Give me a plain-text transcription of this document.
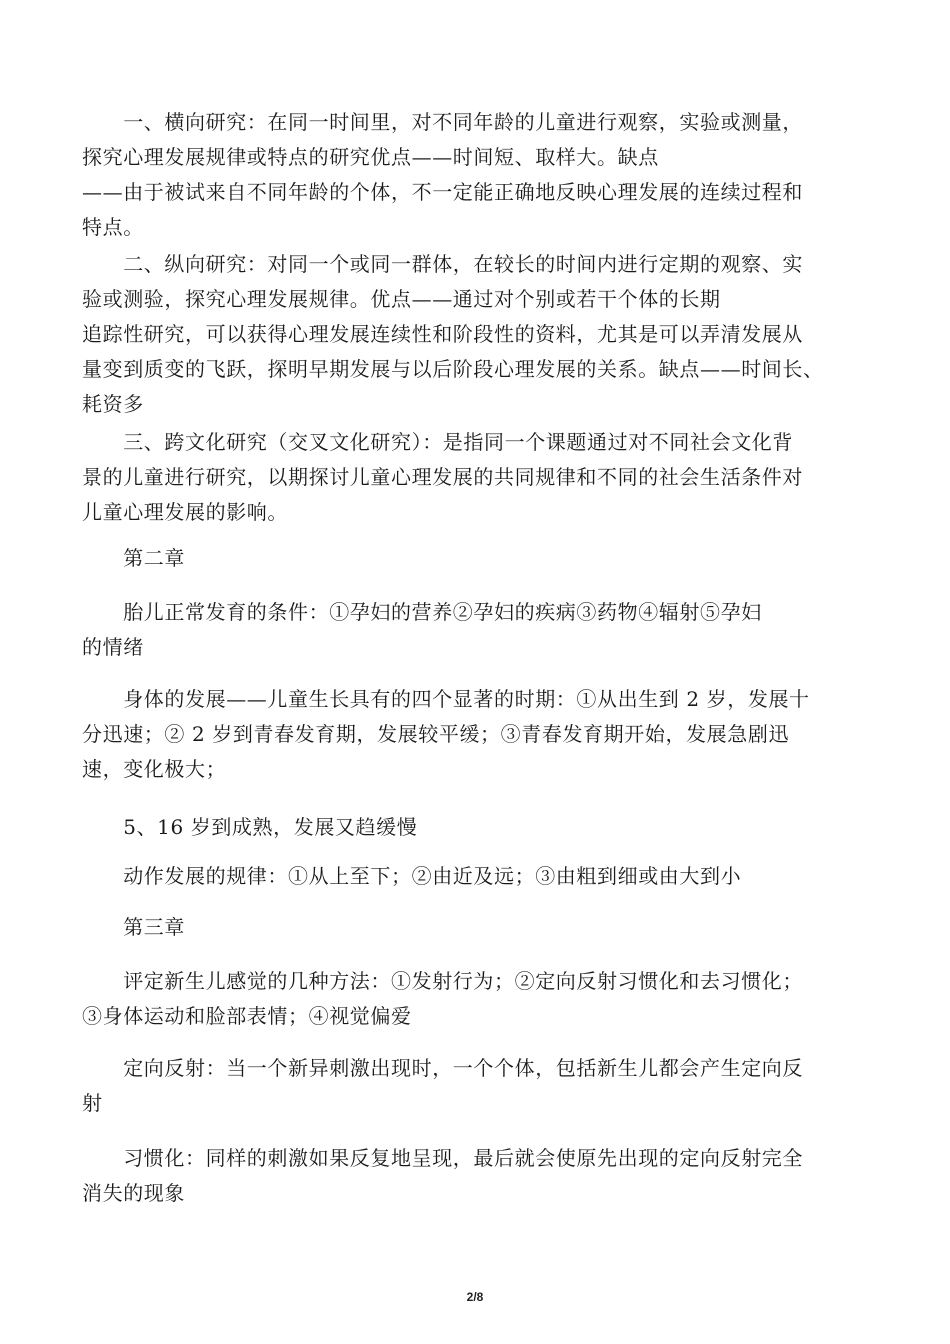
　　一、横向研究：在同一时间里，对不同年龄的儿童进行观察，实验或测量，
探究心理发展规律或特点的研究优点——时间短、取样大。缺点
——由于被试来自不同年龄的个体，不一定能正确地反映心理发展的连续过程和
特点。
　　二、纵向研究：对同一个或同一群体，在较长的时间内进行定期的观察、实
验或测验，探究心理发展规律。优点——通过对个别或若干个体的长期
追踪性研究，可以获得心理发展连续性和阶段性的资料，尤其是可以弄清发展从
量变到质变的飞跃，探明早期发展与以后阶段心理发展的关系。缺点——时间长、
耗资多
　　三、跨文化研究（交叉文化研究）：是指同一个课题通过对不同社会文化背
景的儿童进行研究，以期探讨儿童心理发展的共同规律和不同的社会生活条件对
儿童心理发展的影响。
　　第二章
　　胎儿正常发育的条件：①孕妇的营养②孕妇的疾病③药物④辐射⑤孕妇
的情绪
　　身体的发展——儿童生长具有的四个显著的时期：①从出生到 2 岁，发展十
分迅速；② 2 岁到青春发育期，发展较平缓；③青春发育期开始，发展急剧迅
速，变化极大；
　　5、16 岁到成熟，发展又趋缓慢
　　动作发展的规律：①从上至下；②由近及远；③由粗到细或由大到小
　　第三章
　　评定新生儿感觉的几种方法：①发射行为；②定向反射习惯化和去习惯化；
③身体运动和脸部表情；④视觉偏爱
　　定向反射：当一个新异刺激出现时，一个个体，包括新生儿都会产生定向反
射
　　习惯化：同样的刺激如果反复地呈现，最后就会使原先出现的定向反射完全
消失的现象
2/8
